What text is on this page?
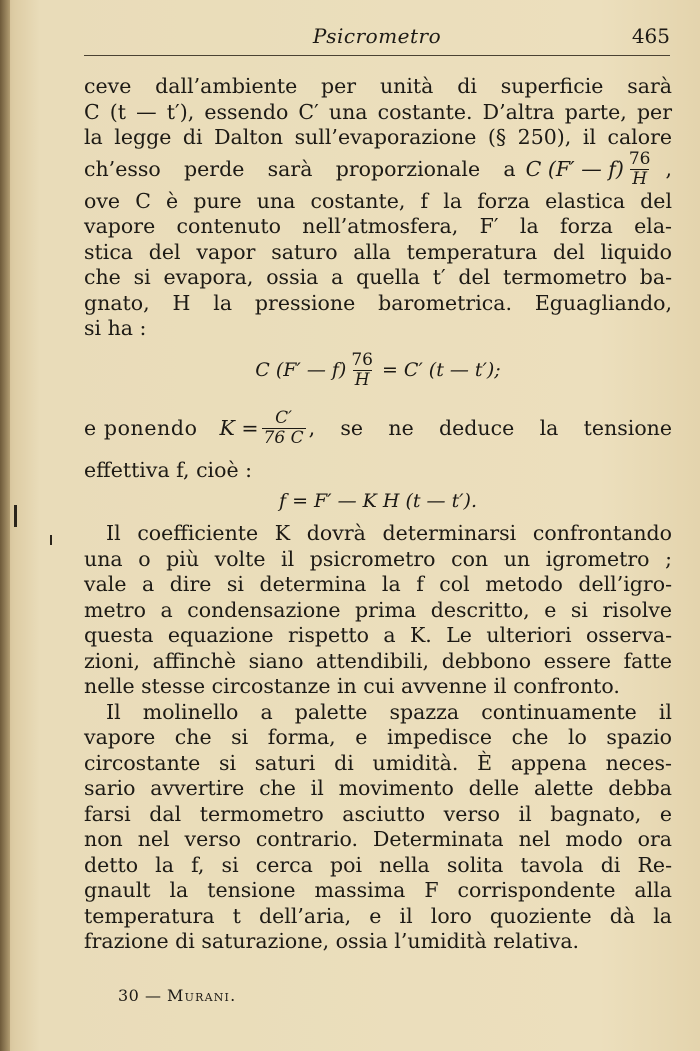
Psicrometro	465
ceve dall’ambiente per unità di superficie sarà
C (t — t′), essendo C′ una costante. D’altra parte, per
la legge di Dalton sull’evaporazione (§ 250), il calore
ch’esso perde sarà proporzionale a C (F′ — $f) \frac{76}{H}$ ,
ove C è pure una costante, f la forza elastica del
vapore contenuto nell’atmosfera, F′ la forza ela-
stica del vapor saturo alla temperatura del liquido
che si evapora, ossia a quella t′ del termometro ba-
gnato, H la pressione barometrica. Eguagliando,
si ha :
C (F′ — $f) \frac{76}{H} = C'$ (t — t′);
e ponendo $K = \frac{C'}{76 C}$ , se ne deduce la tensione
effettiva f, cioè :
f = F′ — K H (t — t′).
Il coefficiente K dovrà determinarsi confrontando
una o più volte il psicrometro con un igrometro ;
vale a dire si determina la f col metodo dell’igro-
metro a condensazione prima descritto, e si risolve
questa equazione rispetto a K. Le ulteriori osserva-
zioni, affinchè siano attendibili, debbono essere fatte
nelle stesse circostanze in cui avvenne il confronto.
Il molinello a palette spazza continuamente il
vapore che si forma, e impedisce che lo spazio
circostante si saturi di umidità. È appena neces-
sario avvertire che il movimento delle alette debba
farsi dal termometro asciutto verso il bagnato, e
non nel verso contrario. Determinata nel modo ora
detto la f, si cerca poi nella solita tavola di Re-
gnault la tensione massima F corrispondente alla
temperatura t dell’aria, e il loro quoziente dà la
frazione di saturazione, ossia l’umidità relativa.
30 — Murani.
